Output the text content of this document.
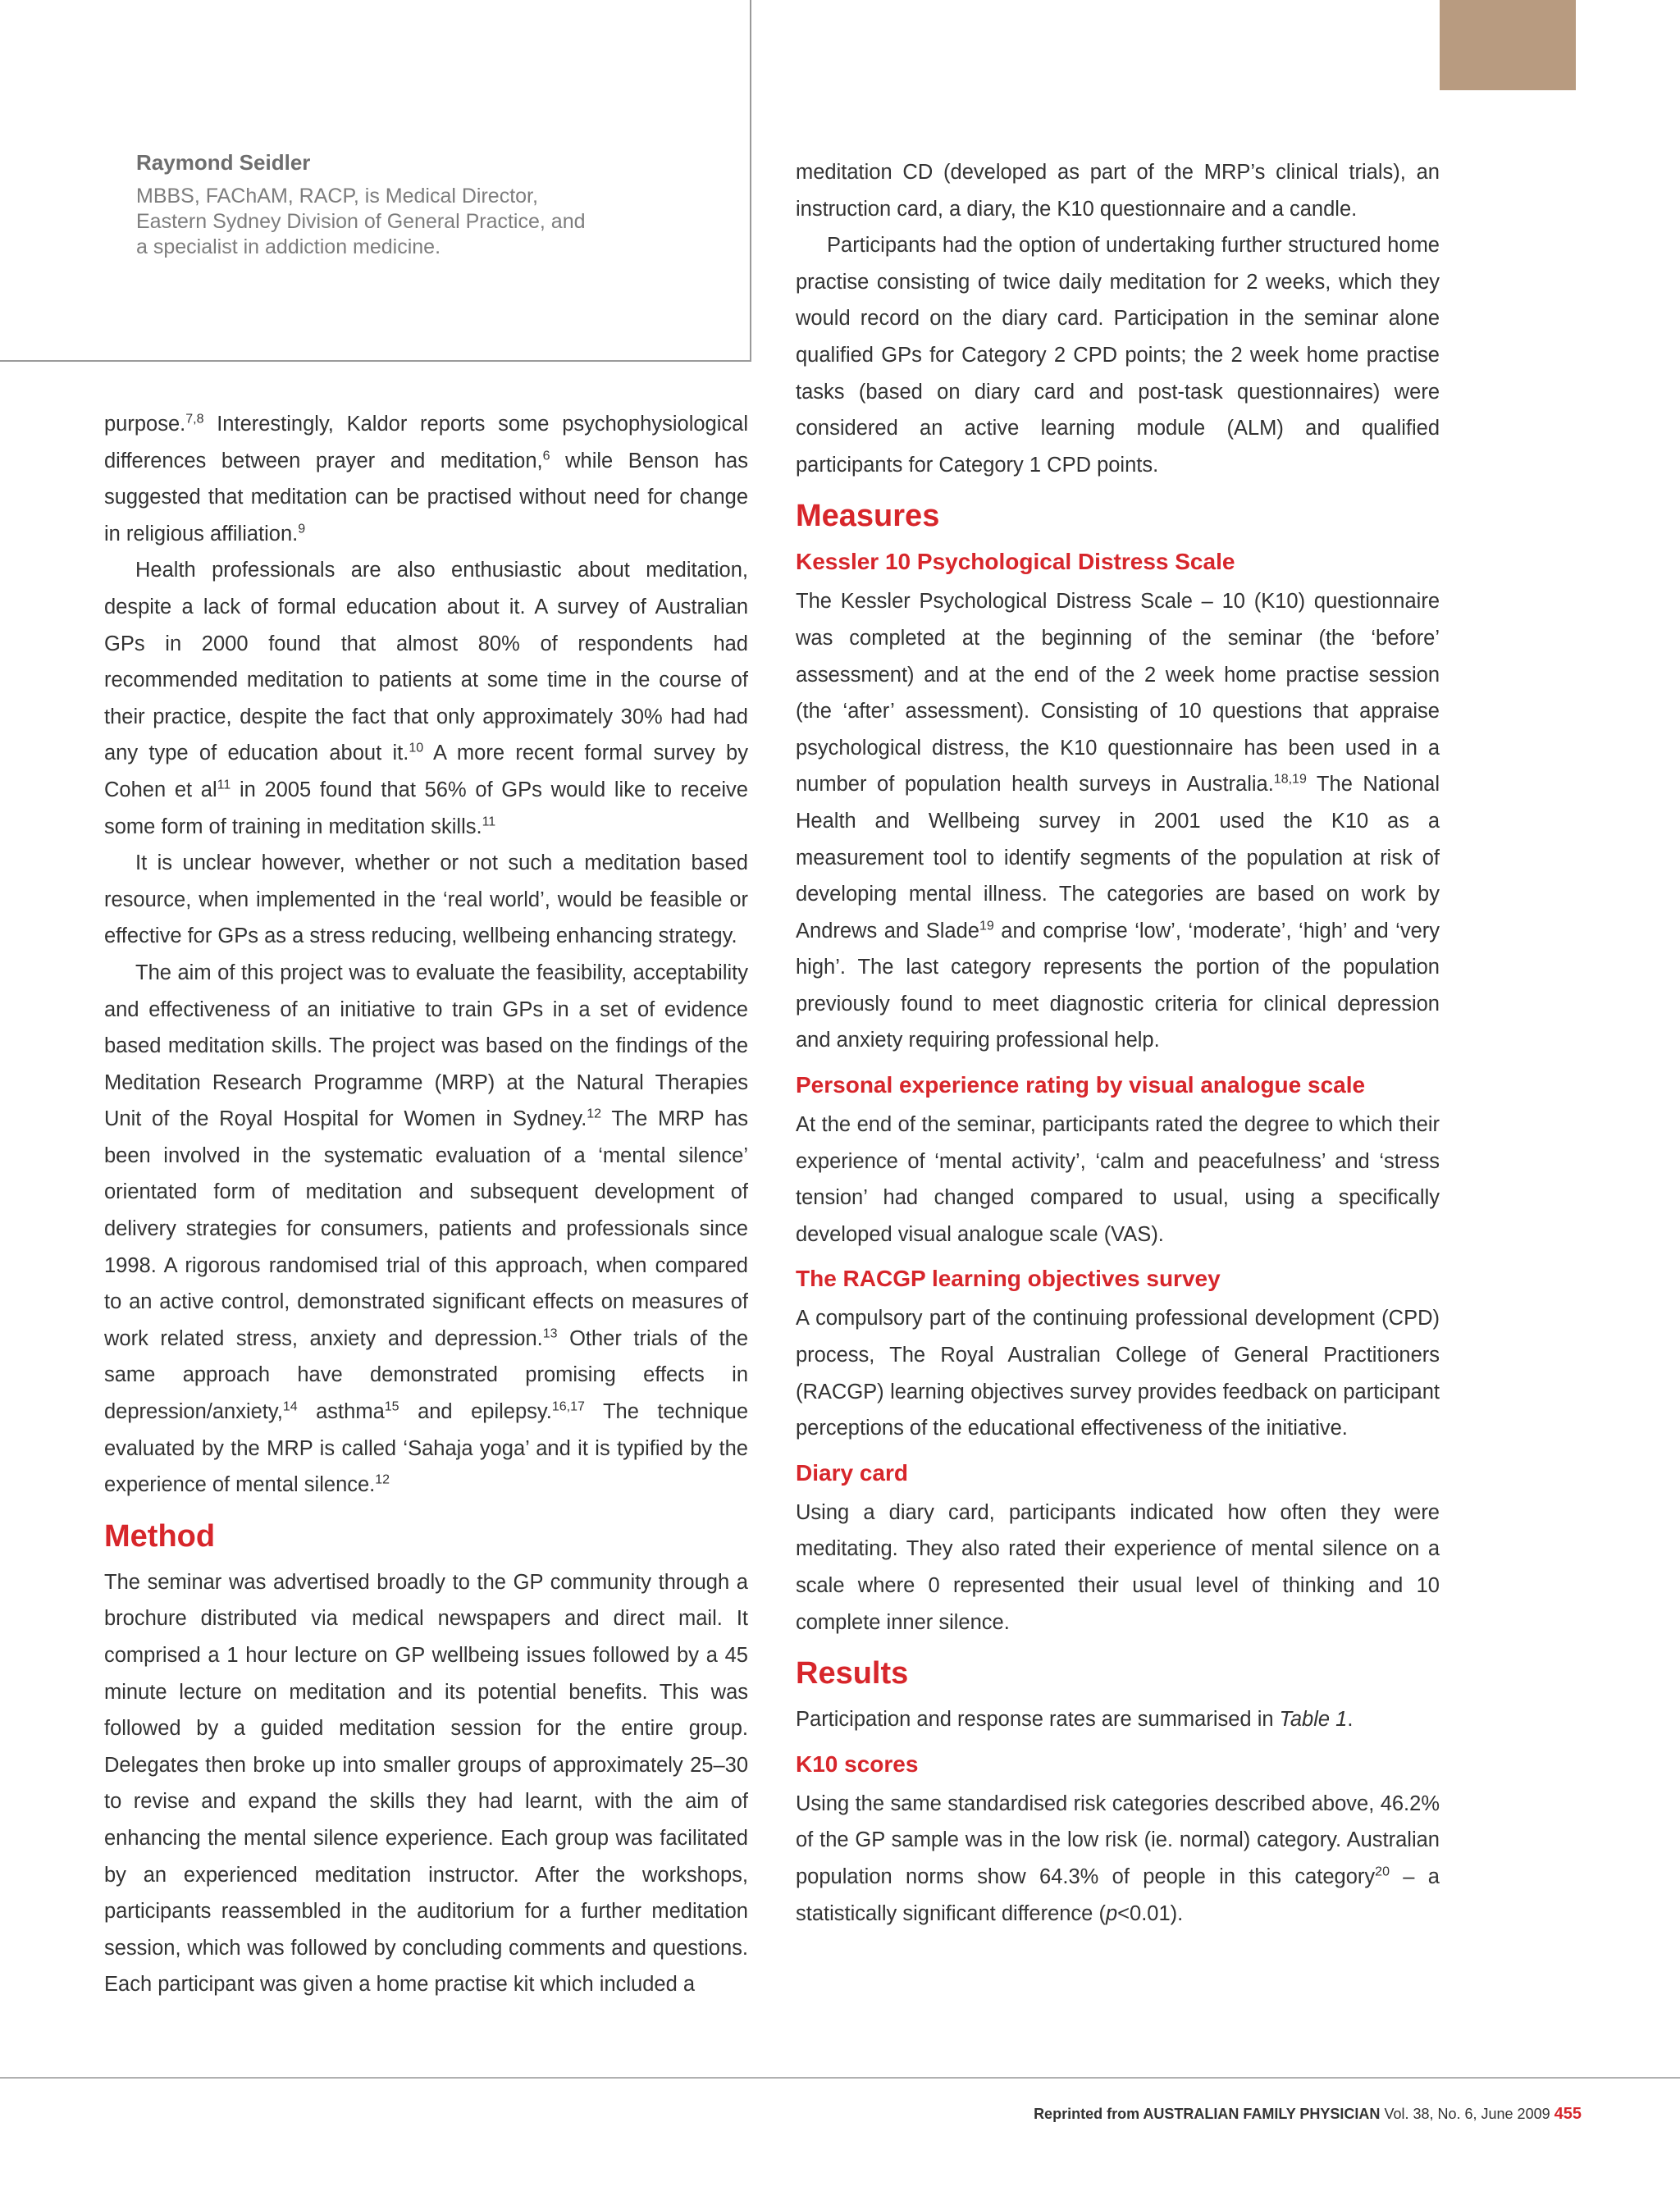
Raymond Seidler
MBBS, FAChAM, RACP, is Medical Director,
Eastern Sydney Division of General Practice, and
a specialist in addiction medicine.

purpose.$^{7,8}$ Interestingly, Kaldor reports some psychophysiological differences between prayer and meditation,$^6$ while Benson has suggested that meditation can be practised without need for change in religious affiliation.$^9$

Health professionals are also enthusiastic about meditation, despite a lack of formal education about it. A survey of Australian GPs in 2000 found that almost 80% of respondents had recommended meditation to patients at some time in the course of their practice, despite the fact that only approximately 30% had had any type of education about it.$^{10}$ A more recent formal survey by Cohen et $al^{11}$ in 2005 found that 56% of GPs would like to receive some form of training in meditation skills.$^{11}$

It is unclear however, whether or not such a meditation based resource, when implemented in the ‘real world’, would be feasible or effective for GPs as a stress reducing, wellbeing enhancing strategy.

The aim of this project was to evaluate the feasibility, acceptability and effectiveness of an initiative to train GPs in a set of evidence based meditation skills. The project was based on the findings of the Meditation Research Programme (MRP) at the Natural Therapies Unit of the Royal Hospital for Women in Sydney.$^{12}$ The MRP has been involved in the systematic evaluation of a ‘mental silence’ orientated form of meditation and subsequent development of delivery strategies for consumers, patients and professionals since 1998. A rigorous randomised trial of this approach, when compared to an active control, demonstrated significant effects on measures of work related stress, anxiety and depression.$^{13}$ Other trials of the same approach have demonstrated promising effects in depression/anxiety,$^{14}$ asthma$^{15}$ and epilepsy.$^{16,17}$ The technique evaluated by the MRP is called ‘Sahaja yoga’ and it is typified by the experience of mental silence.$^{12}$

Method

The seminar was advertised broadly to the GP community through a brochure distributed via medical newspapers and direct mail. It comprised a 1 hour lecture on GP wellbeing issues followed by a 45 minute lecture on meditation and its potential benefits. This was followed by a guided meditation session for the entire group. Delegates then broke up into smaller groups of approximately 25–30 to revise and expand the skills they had learnt, with the aim of enhancing the mental silence experience. Each group was facilitated by an experienced meditation instructor. After the workshops, participants reassembled in the auditorium for a further meditation session, which was followed by concluding comments and questions. Each participant was given a home practise kit which included a

meditation CD (developed as part of the MRP’s clinical trials), an instruction card, a diary, the K10 questionnaire and a candle.

Participants had the option of undertaking further structured home practise consisting of twice daily meditation for 2 weeks, which they would record on the diary card. Participation in the seminar alone qualified GPs for Category 2 CPD points; the 2 week home practise tasks (based on diary card and post-task questionnaires) were considered an active learning module (ALM) and qualified participants for Category 1 CPD points.

Measures
Kessler 10 Psychological Distress Scale

The Kessler Psychological Distress Scale – 10 (K10) questionnaire was completed at the beginning of the seminar (the ‘before’ assessment) and at the end of the 2 week home practise session (the ‘after’ assessment). Consisting of 10 questions that appraise psychological distress, the K10 questionnaire has been used in a number of population health surveys in Australia.$^{18,19}$ The National Health and Wellbeing survey in 2001 used the K10 as a measurement tool to identify segments of the population at risk of developing mental illness. The categories are based on work by Andrews and Slade$^{19}$ and comprise ‘low’, ‘moderate’, ‘high’ and ‘very high’. The last category represents the portion of the population previously found to meet diagnostic criteria for clinical depression and anxiety requiring professional help.

Personal experience rating by visual analogue scale

At the end of the seminar, participants rated the degree to which their experience of ‘mental activity’, ‘calm and peacefulness’ and ‘stress tension’ had changed compared to usual, using a specifically developed visual analogue scale (VAS).

The RACGP learning objectives survey

A compulsory part of the continuing professional development (CPD) process, The Royal Australian College of General Practitioners (RACGP) learning objectives survey provides feedback on participant perceptions of the educational effectiveness of the initiative.

Diary card

Using a diary card, participants indicated how often they were meditating. They also rated their experience of mental silence on a scale where 0 represented their usual level of thinking and 10 complete inner silence.

Results

Participation and response rates are summarised in Table 1.

K10 scores

Using the same standardised risk categories described above, 46.2% of the GP sample was in the low risk (ie. normal) category. Australian population norms show 64.3% of people in this category$^{20}$ – a statistically significant difference (p<0.01).

Reprinted from AUSTRALIAN FAMILY PHYSICIAN Vol. 38, No. 6, June 2009 455
